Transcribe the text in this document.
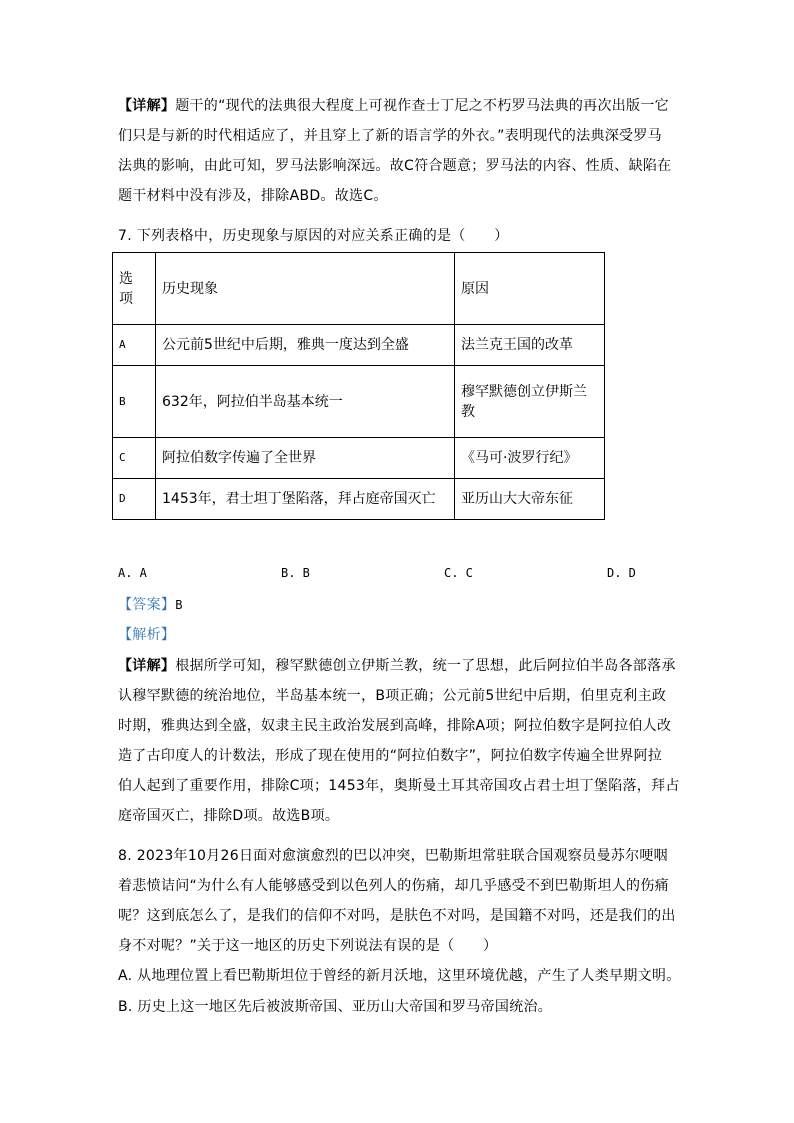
【详解】题干的“现代的法典很大程度上可视作查士丁尼之不朽罗马法典的再次出版一它
们只是与新的时代相适应了，并且穿上了新的语言学的外衣。”表明现代的法典深受罗马
法典的影响，由此可知，罗马法影响深远。故C符合题意；罗马法的内容、性质、缺陷在
题干材料中没有涉及，排除ABD。故选C。
7. 下列表格中，历史现象与原因的对应关系正确的是（　　）
选
项	历史现象	原因
A	公元前5世纪中后期，雅典一度达到全盛	法兰克王国的改革
B	632年，阿拉伯半岛基本统一	穆罕默德创立伊斯兰
教

C	阿拉伯数字传遍了全世界	《马可·波罗行纪》
D	1453年，君士坦丁堡陷落，拜占庭帝国灭亡	亚历山大大帝东征
A. A	B. B	C. C	D. D
【答案】B
【解析】
【详解】根据所学可知，穆罕默德创立伊斯兰教，统一了思想，此后阿拉伯半岛各部落承
认穆罕默德的统治地位，半岛基本统一，B项正确；公元前5世纪中后期，伯里克利主政
时期，雅典达到全盛，奴隶主民主政治发展到高峰，排除A项；阿拉伯数字是阿拉伯人改
造了古印度人的计数法，形成了现在使用的“阿拉伯数字”，阿拉伯数字传遍全世界阿拉
伯人起到了重要作用，排除C项；1453年，奥斯曼土耳其帝国攻占君士坦丁堡陷落，拜占
庭帝国灭亡，排除D项。故选B项。
8. 2023年10月26日面对愈演愈烈的巴以冲突，巴勒斯坦常驻联合国观察员曼苏尔哽咽
着悲愤诘问“为什么有人能够感受到以色列人的伤痛，却几乎感受不到巴勒斯坦人的伤痛
呢？这到底怎么了，是我们的信仰不对吗，是肤色不对吗，是国籍不对吗，还是我们的出
身不对呢？”关于这一地区的历史下列说法有误的是（　　）
A. 从地理位置上看巴勒斯坦位于曾经的新月沃地，这里环境优越，产生了人类早期文明。
B. 历史上这一地区先后被波斯帝国、亚历山大帝国和罗马帝国统治。
